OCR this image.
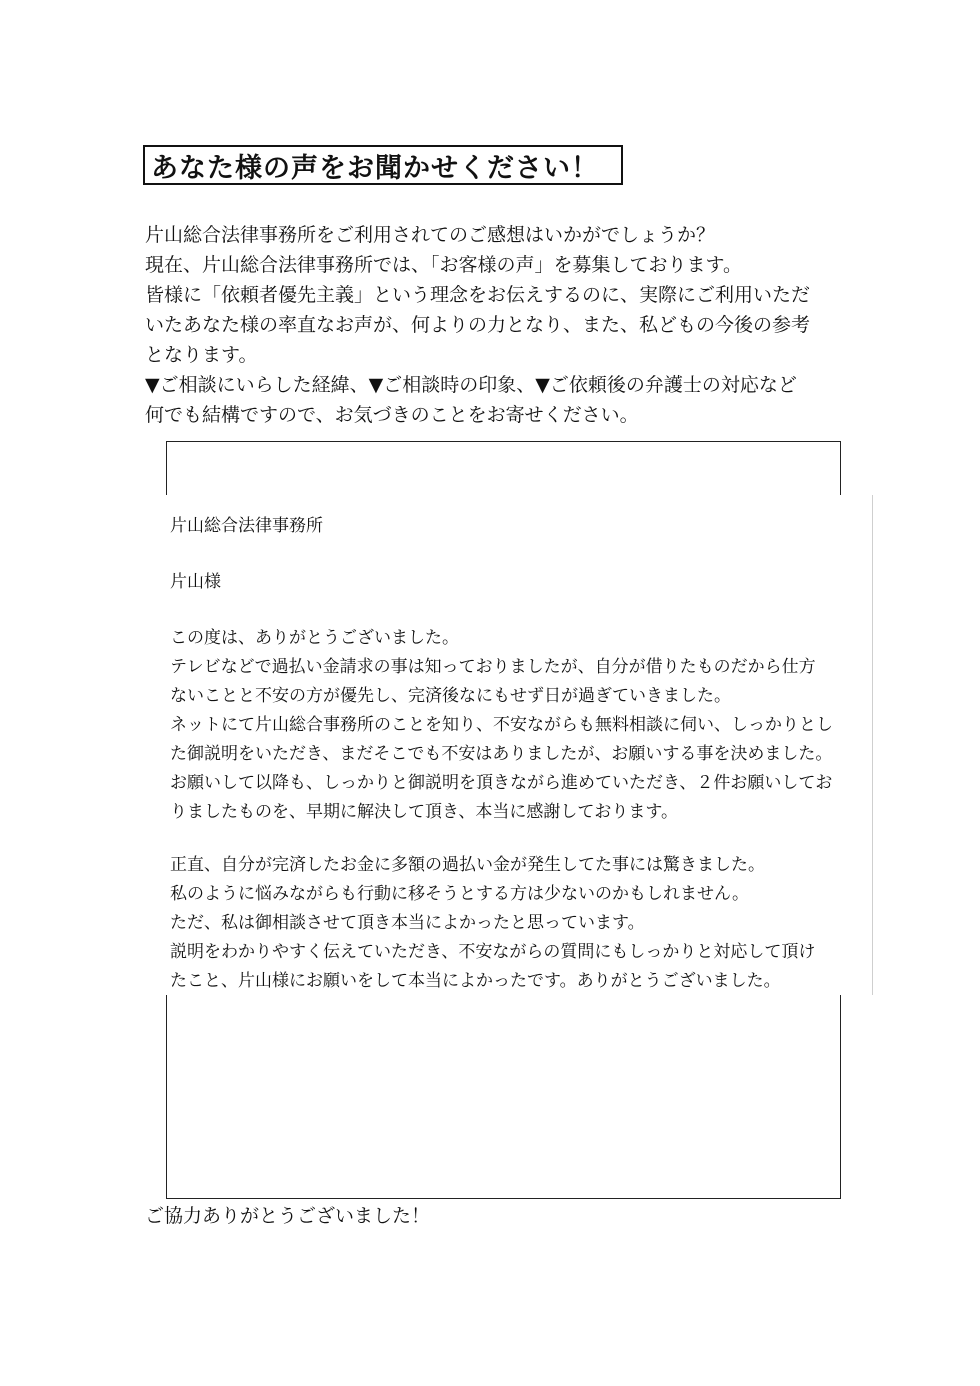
あなた様の声をお聞かせください！

片山総合法律事務所をご利用されてのご感想はいかがでしょうか？

現在、片山総合法律事務所では、「お客様の声」を募集しております。

皆様に「依頼者優先主義」という理念をお伝えするのに、実際にご利用いただ

いたあなた様の率直なお声が、何よりの力となり、また、私どもの今後の参考

となります。

▼ご相談にいらした経緯、▼ご相談時の印象、▼ご依頼後の弁護士の対応など

何でも結構ですので、お気づきのことをお寄せください。

片山総合法律事務所

片山様

この度は、ありがとうございました。

テレビなどで過払い金請求の事は知っておりましたが、自分が借りたものだから仕方

ないことと不安の方が優先し、完済後なにもせず日が過ぎていきました。

ネットにて片山総合事務所のことを知り、不安ながらも無料相談に伺い、しっかりとし

た御説明をいただき、まだそこでも不安はありましたが、お願いする事を決めました。

お願いして以降も、しっかりと御説明を頂きながら進めていただき、２件お願いしてお

りましたものを、早期に解決して頂き、本当に感謝しております。

正直、自分が完済したお金に多額の過払い金が発生してた事には驚きました。

私のように悩みながらも行動に移そうとする方は少ないのかもしれません。

ただ、私は御相談させて頂き本当によかったと思っています。

説明をわかりやすく伝えていただき、不安ながらの質問にもしっかりと対応して頂け

たこと、片山様にお願いをして本当によかったです。ありがとうございました。

ご協力ありがとうございました！
